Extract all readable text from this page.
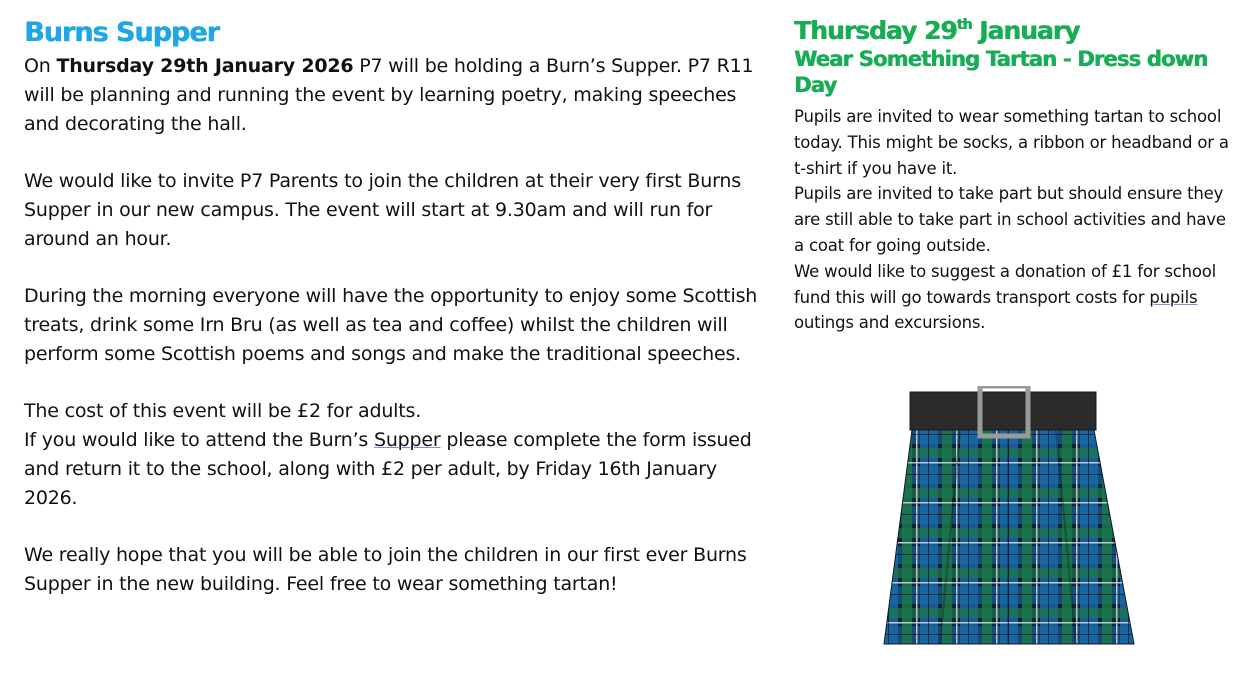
Burns Supper

On Thursday 29th January 2026 P7 will be holding a Burn’s Supper. P7 R11 will be planning and running the event by learning poetry, making speeches and decorating the hall.

We would like to invite P7 Parents to join the children at their very first Burns Supper in our new campus. The event will start at 9.30am and will run for around an hour.

During the morning everyone will have the opportunity to enjoy some Scottish treats, drink some Irn Bru (as well as tea and coffee) whilst the children will perform some Scottish poems and songs and make the traditional speeches.

The cost of this event will be £2 for adults.
If you would like to attend the Burn’s Supper please complete the form issued and return it to the school, along with £2 per adult, by Friday 16th January 2026.

We really hope that you will be able to join the children in our first ever Burns Supper in the new building. Feel free to wear something tartan!

Thursday 29th January
Wear Something Tartan - Dress down Day
Pupils are invited to wear something tartan to school today. This might be socks, a ribbon or headband or a t-shirt if you have it.
Pupils are invited to take part but should ensure they are still able to take part in school activities and have a coat for going outside.
We would like to suggest a donation of £1 for school fund this will go towards transport costs for pupils outings and excursions.
